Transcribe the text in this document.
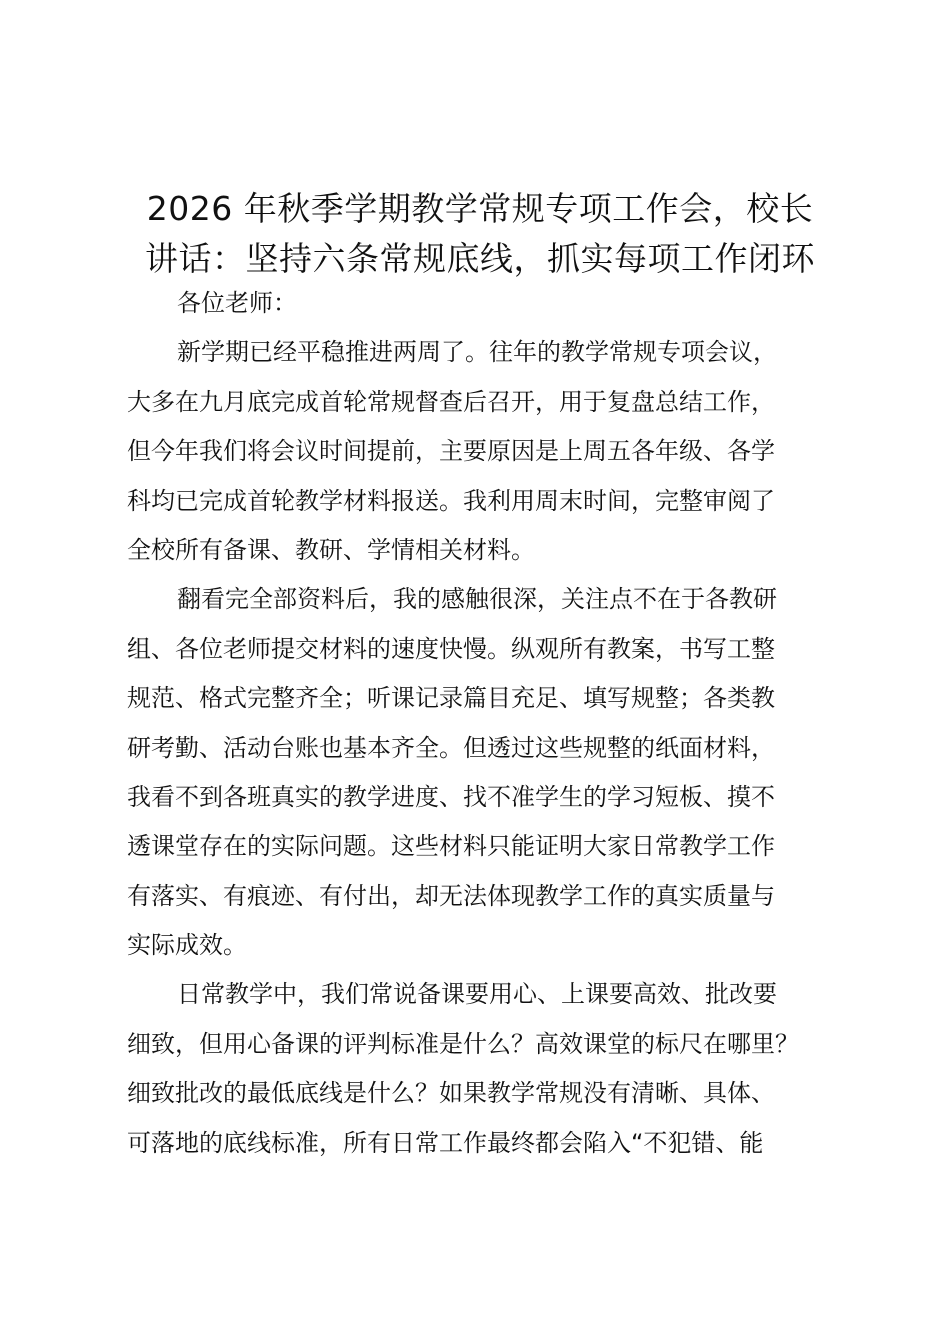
2026 年秋季学期教学常规专项工作会，校长
讲话：坚持六条常规底线，抓实每项工作闭环
各位老师：
新学期已经平稳推进两周了。往年的教学常规专项会议，
大多在九月底完成首轮常规督查后召开，用于复盘总结工作，
但今年我们将会议时间提前，主要原因是上周五各年级、各学
科均已完成首轮教学材料报送。我利用周末时间，完整审阅了
全校所有备课、教研、学情相关材料。
翻看完全部资料后，我的感触很深，关注点不在于各教研
组、各位老师提交材料的速度快慢。纵观所有教案，书写工整
规范、格式完整齐全；听课记录篇目充足、填写规整；各类教
研考勤、活动台账也基本齐全。但透过这些规整的纸面材料，
我看不到各班真实的教学进度、找不准学生的学习短板、摸不
透课堂存在的实际问题。这些材料只能证明大家日常教学工作
有落实、有痕迹、有付出，却无法体现教学工作的真实质量与
实际成效。
日常教学中，我们常说备课要用心、上课要高效、批改要
细致，但用心备课的评判标准是什么？高效课堂的标尺在哪里？
细致批改的最低底线是什么？如果教学常规没有清晰、具体、
可落地的底线标准，所有日常工作最终都会陷入“不犯错、能
